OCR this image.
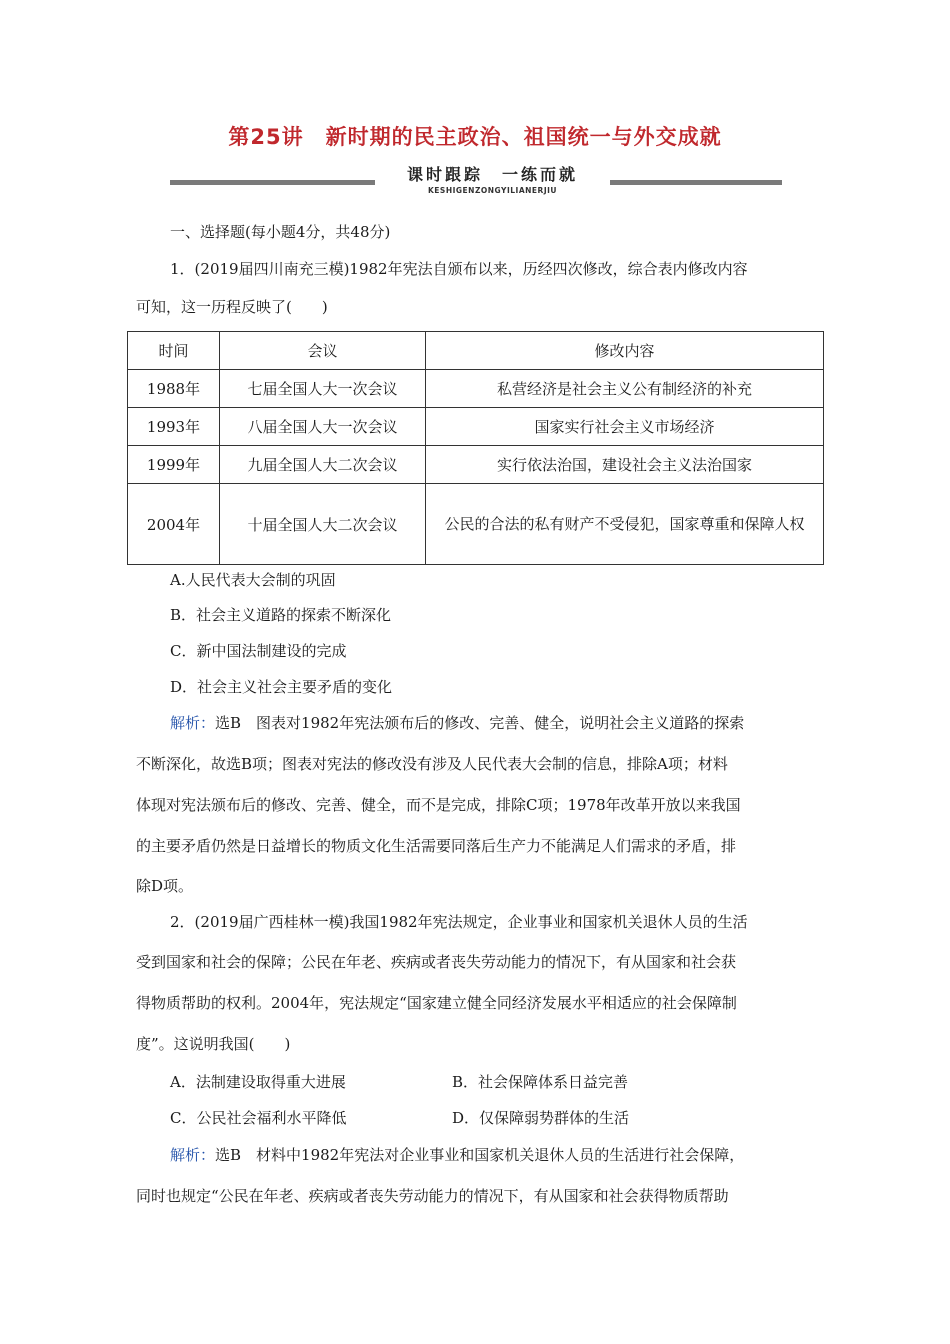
第25讲　新时期的民主政治、祖国统一与外交成就
课时跟踪　一练而就
KESHIGENZONGYILIANERJIU
一、选择题(每小题4分，共48分)
1．(2019届四川南充三模)1982年宪法自颁布以来，历经四次修改，综合表内修改内容
可知，这一历程反映了(　　)
时间	会议	修改内容
1988年	七届全国人大一次会议	私营经济是社会主义公有制经济的补充
1993年	八届全国人大一次会议	国家实行社会主义市场经济
1999年	九届全国人大二次会议	实行依法治国，建设社会主义法治国家
2004年	十届全国人大二次会议	公民的合法的私有财产不受侵犯，国家尊重和保障人权
A.人民代表大会制的巩固
B．社会主义道路的探索不断深化
C．新中国法制建设的完成
D．社会主义社会主要矛盾的变化
解析：选B　图表对1982年宪法颁布后的修改、完善、健全，说明社会主义道路的探索
不断深化，故选B项；图表对宪法的修改没有涉及人民代表大会制的信息，排除A项；材料
体现对宪法颁布后的修改、完善、健全，而不是完成，排除C项；1978年改革开放以来我国
的主要矛盾仍然是日益增长的物质文化生活需要同落后生产力不能满足人们需求的矛盾，排
除D项。
2．(2019届广西桂林一模)我国1982年宪法规定，企业事业和国家机关退休人员的生活
受到国家和社会的保障；公民在年老、疾病或者丧失劳动能力的情况下，有从国家和社会获
得物质帮助的权利。2004年，宪法规定“国家建立健全同经济发展水平相适应的社会保障制
度”。这说明我国(　　)
A．法制建设取得重大进展	B．社会保障体系日益完善
C．公民社会福利水平降低	D．仅保障弱势群体的生活
解析：选B　材料中1982年宪法对企业事业和国家机关退休人员的生活进行社会保障，
同时也规定“公民在年老、疾病或者丧失劳动能力的情况下，有从国家和社会获得物质帮助
